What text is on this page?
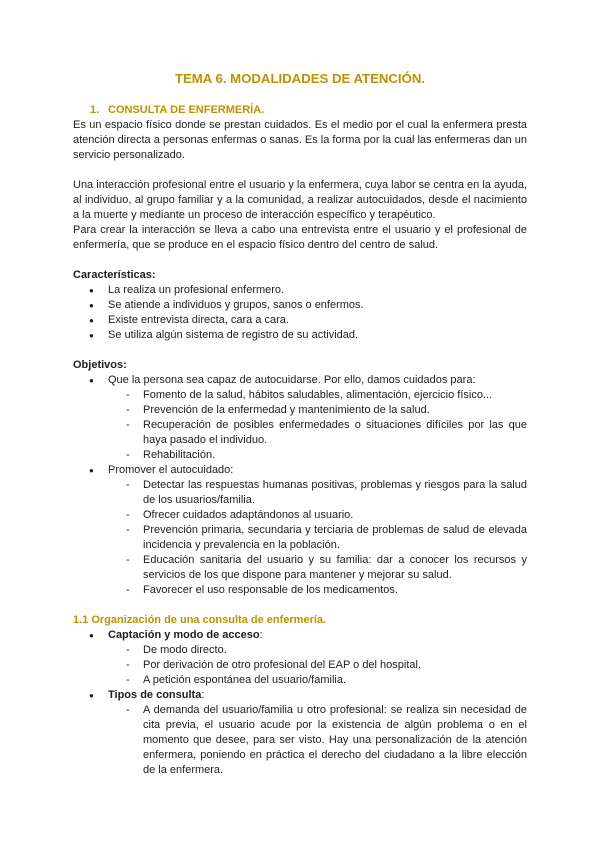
TEMA 6. MODALIDADES DE ATENCIÓN.
1. CONSULTA DE ENFERMERÍA.

Es un espacio físico donde se prestan cuidados. Es el medio por el cual la enfermera presta atención directa a personas enfermas o sanas. Es la forma por la cual las enfermeras dan un servicio personalizado.

Una interacción profesional entre el usuario y la enfermera, cuya labor se centra en la ayuda, al individuo, al grupo familiar y a la comunidad, a realizar autocuidados, desde el nacimiento a la muerte y mediante un proceso de interacción específico y terapéutico.

Para crear la interacción se lleva a cabo una entrevista entre el usuario y el profesional de enfermería, que se produce en el espacio físico dentro del centro de salud.

Características:
● La realiza un profesional enfermero.
● Se atiende a individuos y grupos, sanos o enfermos.
● Existe entrevista directa, cara a cara.
● Se utiliza algún sistema de registro de su actividad.
Objetivos:
● Que la persona sea capaz de autocuidarse. Por ello, damos cuidados para:
- Fomento de la salud, hábitos saludables, alimentación, ejercicio físico...
- Prevención de la enfermedad y mantenimiento de la salud.
- Recuperación de posibles enfermedades o situaciones difíciles por las que haya pasado el individuo.
- Rehabilitación.
● Promover el autocuidado:
- Detectar las respuestas humanas positivas, problemas y riesgos para la salud de los usuarios/familia.
- Ofrecer cuidados adaptándonos al usuario.
- Prevención primaria, secundaria y terciaria de problemas de salud de elevada incidencia y prevalencia en la población.
- Educación sanitaria del usuario y su familia: dar a conocer los recursos y servicios de los que dispone para mantener y mejorar su salud.
- Favorecer el uso responsable de los medicamentos.
1.1 Organización de una consulta de enfermería.
● Captación y modo de acceso:
- De modo directo.
- Por derivación de otro profesional del EAP o del hospital.
- A petición espontánea del usuario/familia.
● Tipos de consulta:
- A demanda del usuario/familia u otro profesional: se realiza sin necesidad de cita previa, el usuario acude por la existencia de algún problema o en el momento que desee, para ser visto. Hay una personalización de la atención enfermera, poniendo en práctica el derecho del ciudadano a la libre elección de la enfermera.
